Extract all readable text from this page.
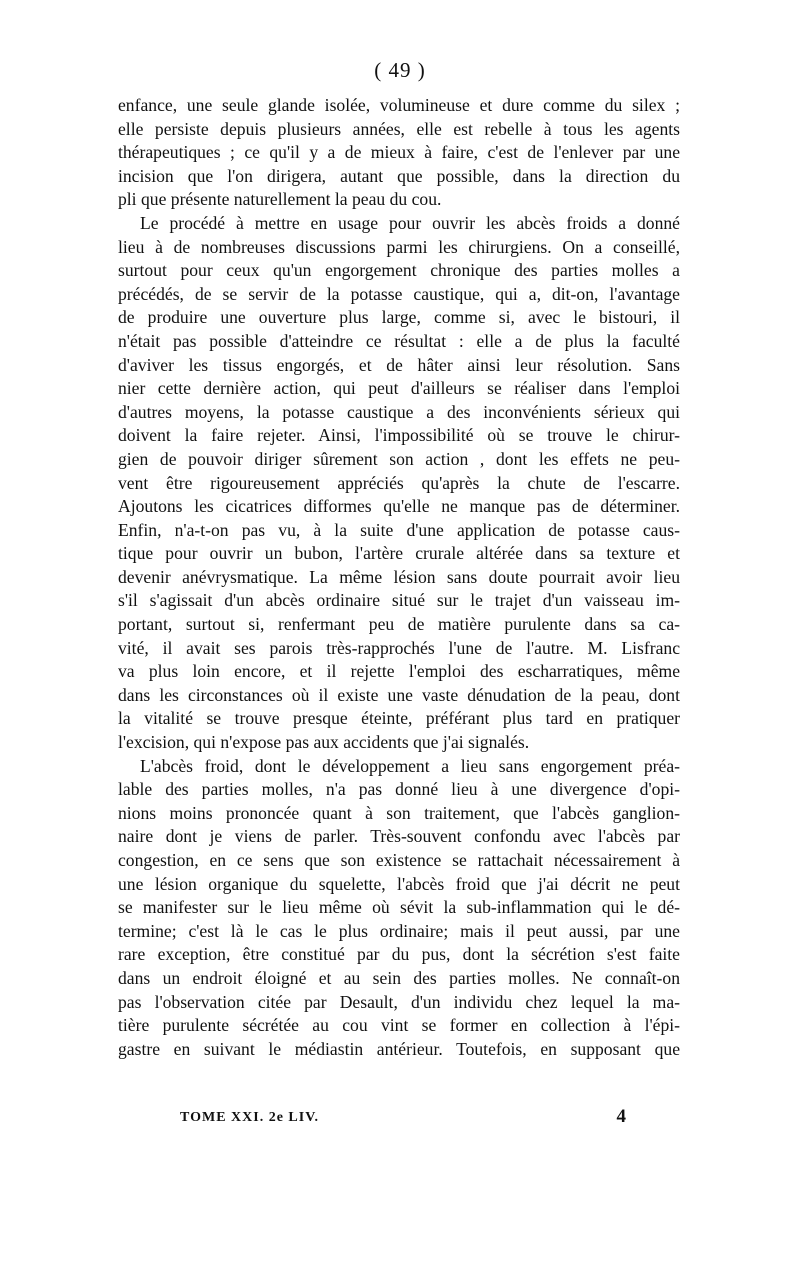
( 49 )
enfance, une seule glande isolée, volumineuse et dure comme du silex ;
elle persiste depuis plusieurs années, elle est rebelle à tous les agents
thérapeutiques ; ce qu'il y a de mieux à faire, c'est de l'enlever par une
incision que l'on dirigera, autant que possible, dans la direction du
pli que présente naturellement la peau du cou.
Le procédé à mettre en usage pour ouvrir les abcès froids a donné
lieu à de nombreuses discussions parmi les chirurgiens. On a conseillé,
surtout pour ceux qu'un engorgement chronique des parties molles a
précédés, de se servir de la potasse caustique, qui a, dit-on, l'avantage
de produire une ouverture plus large, comme si, avec le bistouri, il
n'était pas possible d'atteindre ce résultat : elle a de plus la faculté
d'aviver les tissus engorgés, et de hâter ainsi leur résolution. Sans
nier cette dernière action, qui peut d'ailleurs se réaliser dans l'emploi
d'autres moyens, la potasse caustique a des inconvénients sérieux qui
doivent la faire rejeter. Ainsi, l'impossibilité où se trouve le chirur-
gien de pouvoir diriger sûrement son action , dont les effets ne peu-
vent être rigoureusement appréciés qu'après la chute de l'escarre.
Ajoutons les cicatrices difformes qu'elle ne manque pas de déterminer.
Enfin, n'a-t-on pas vu, à la suite d'une application de potasse caus-
tique pour ouvrir un bubon, l'artère crurale altérée dans sa texture et
devenir anévrysmatique. La même lésion sans doute pourrait avoir lieu
s'il s'agissait d'un abcès ordinaire situé sur le trajet d'un vaisseau im-
portant, surtout si, renfermant peu de matière purulente dans sa ca-
vité, il avait ses parois très-rapprochés l'une de l'autre. M. Lisfranc
va plus loin encore, et il rejette l'emploi des escharratiques, même
dans les circonstances où il existe une vaste dénudation de la peau, dont
la vitalité se trouve presque éteinte, préférant plus tard en pratiquer
l'excision, qui n'expose pas aux accidents que j'ai signalés.
L'abcès froid, dont le développement a lieu sans engorgement préa-
lable des parties molles, n'a pas donné lieu à une divergence d'opi-
nions moins prononcée quant à son traitement, que l'abcès ganglion-
naire dont je viens de parler. Très-souvent confondu avec l'abcès par
congestion, en ce sens que son existence se rattachait nécessairement à
une lésion organique du squelette, l'abcès froid que j'ai décrit ne peut
se manifester sur le lieu même où sévit la sub-inflammation qui le dé-
termine; c'est là le cas le plus ordinaire; mais il peut aussi, par une
rare exception, être constitué par du pus, dont la sécrétion s'est faite
dans un endroit éloigné et au sein des parties molles. Ne connaît-on
pas l'observation citée par Desault, d'un individu chez lequel la ma-
tière purulente sécrétée au cou vint se former en collection à l'épi-
gastre en suivant le médiastin antérieur. Toutefois, en supposant que
TOME XXI. 2e LIV.	4
